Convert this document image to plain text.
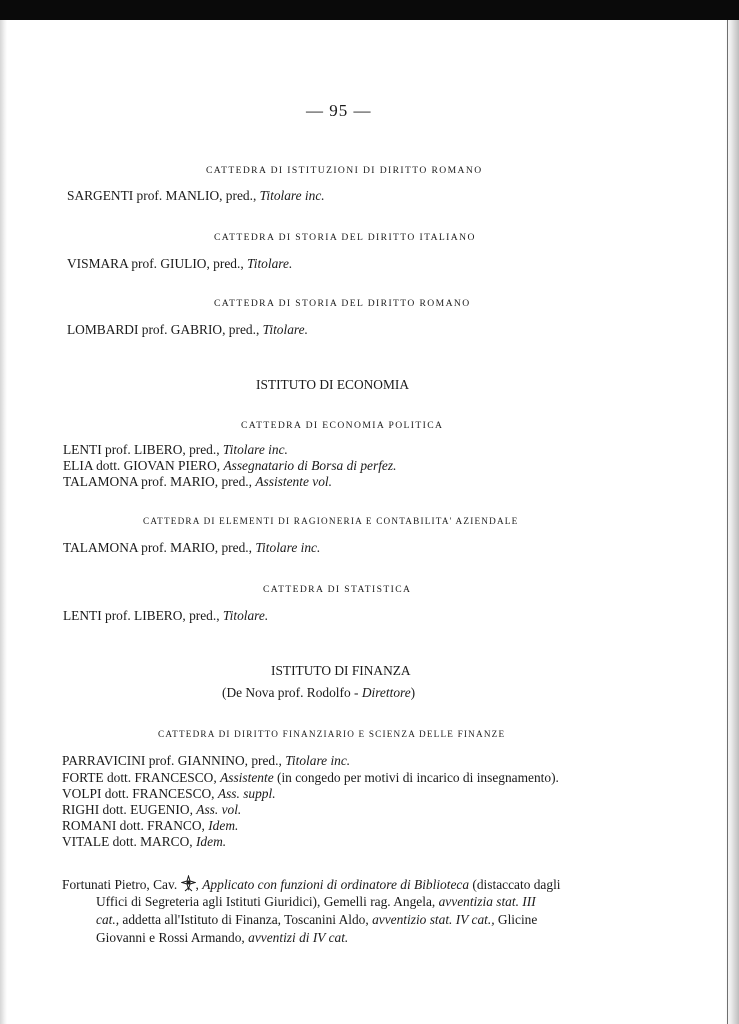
— 95 —
CATTEDRA DI ISTITUZIONI DI DIRITTO ROMANO
SARGENTI prof. MANLIO, pred., Titolare inc.
CATTEDRA DI STORIA DEL DIRITTO ITALIANO
VISMARA prof. GIULIO, pred., Titolare.
CATTEDRA DI STORIA DEL DIRITTO ROMANO
LOMBARDI prof. GABRIO, pred., Titolare.
ISTITUTO DI ECONOMIA
CATTEDRA DI ECONOMIA POLITICA
LENTI prof. LIBERO, pred., Titolare inc.
ELIA dott. GIOVAN PIERO, Assegnatario di Borsa di perfez.
TALAMONA prof. MARIO, pred., Assistente vol.
CATTEDRA DI ELEMENTI DI RAGIONERIA E CONTABILITA' AZIENDALE
TALAMONA prof. MARIO, pred., Titolare inc.
CATTEDRA DI STATISTICA
LENTI prof. LIBERO, pred., Titolare.
ISTITUTO DI FINANZA
(De Nova prof. Rodolfo - Direttore)
CATTEDRA DI DIRITTO FINANZIARIO E SCIENZA DELLE FINANZE
PARRAVICINI prof. GIANNINO, pred., Titolare inc.
FORTE dott. FRANCESCO, Assistente (in congedo per motivi di incarico di insegnamento).
VOLPI dott. FRANCESCO, Ass. suppl.
RIGHI dott. EUGENIO, Ass. vol.
ROMANI dott. FRANCO, Idem.
VITALE dott. MARCO, Idem.
Fortunati Pietro, Cav. , Applicato con funzioni di ordinatore di Biblioteca (distaccato dagli
Uffici di Segreteria agli Istituti Giuridici), Gemelli rag. Angela, avventizia stat. III
cat., addetta all'Istituto di Finanza, Toscanini Aldo, avventizio stat. IV cat., Glicine
Giovanni e Rossi Armando, avventizi di IV cat.
